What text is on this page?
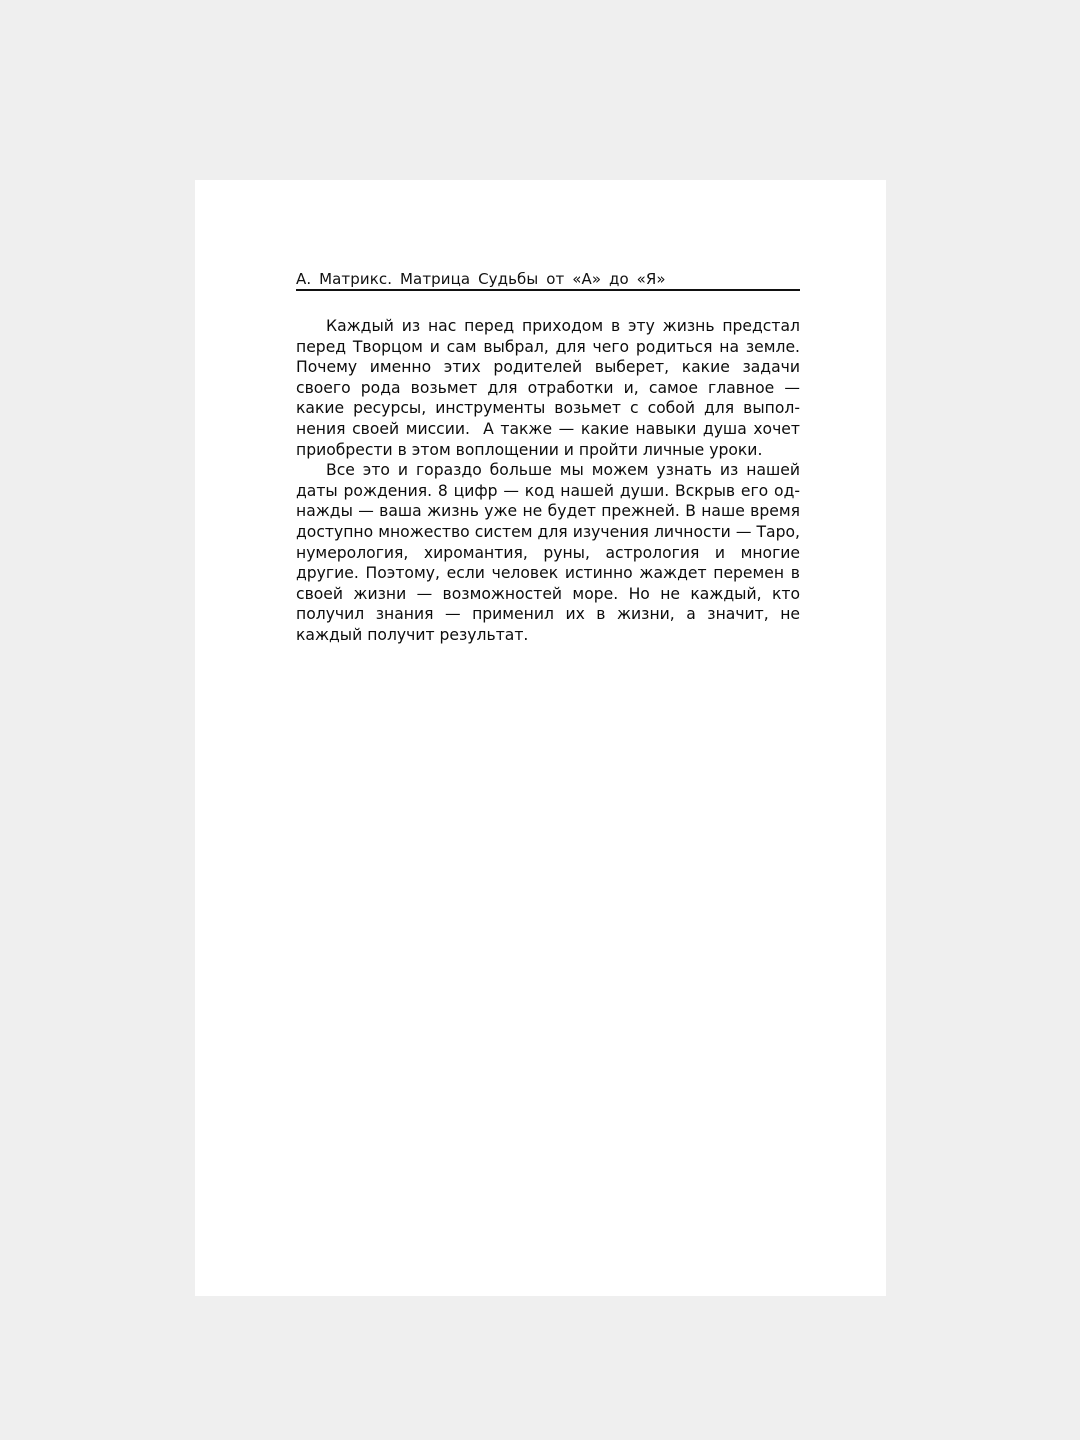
А. Матрикс. Матрица Судьбы от «А» до «Я»

Каждый из нас перед приходом в эту жизнь предстал перед Творцом и сам выбрал, для чего родиться на земле. Почему именно этих родителей выберет, какие задачи своего рода возьмет для отработки и, самое главное — какие ресурсы, инструменты возьмет с собой для выполнения своей миссии.  А также — какие навыки душа хочет приобрести в этом воплощении и пройти личные уроки.

Все это и гораздо больше мы можем узнать из нашей даты рождения. 8 цифр — код нашей души. Вскрыв его однажды — ваша жизнь уже не будет прежней. В наше время доступно множество систем для изучения личности — Таро, нумерология, хиромантия, руны, астрология и многие другие. Поэтому, если человек истинно жаждет перемен в своей жизни — возможностей море. Но не каждый, кто получил знания — применил их в жизни, а значит, не каждый получит результат.
